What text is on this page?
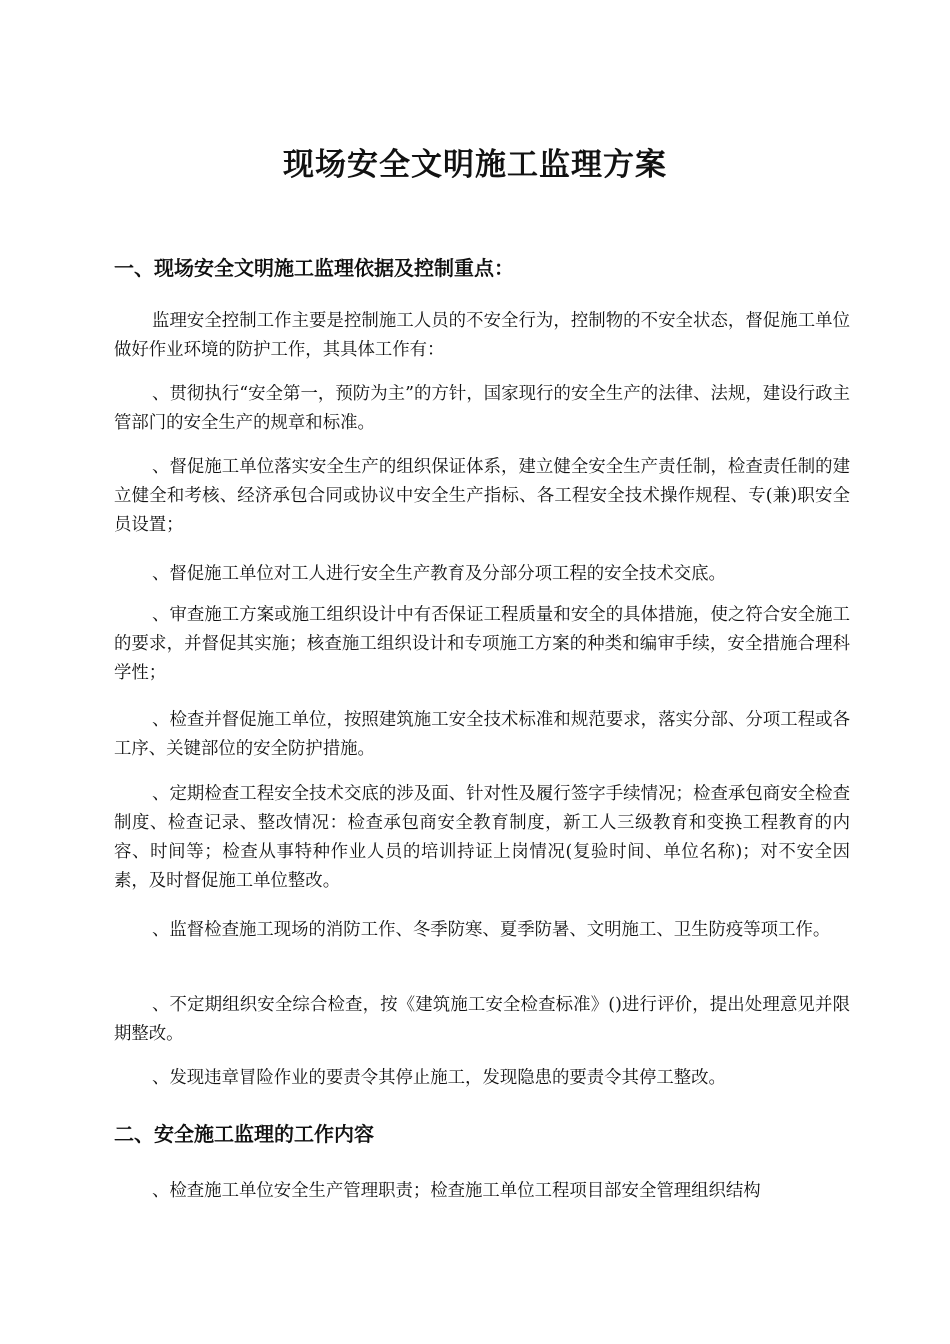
现场安全文明施工监理方案
一、现场安全文明施工监理依据及控制重点：

监理安全控制工作主要是控制施工人员的不安全行为，控制物的不安全状态，督促施工单位做好作业环境的防护工作，其具体工作有：

、贯彻执行“安全第一，预防为主”的方针，国家现行的安全生产的法律、法规，建设行政主管部门的安全生产的规章和标准。

、督促施工单位落实安全生产的组织保证体系，建立健全安全生产责任制，检查责任制的建立健全和考核、经济承包合同或协议中安全生产指标、各工程安全技术操作规程、专(兼)职安全员设置；

、督促施工单位对工人进行安全生产教育及分部分项工程的安全技术交底。

、审查施工方案或施工组织设计中有否保证工程质量和安全的具体措施，使之符合安全施工的要求，并督促其实施；核查施工组织设计和专项施工方案的种类和编审手续，安全措施合理科学性；

、检查并督促施工单位，按照建筑施工安全技术标准和规范要求，落实分部、分项工程或各工序、关键部位的安全防护措施。

、定期检查工程安全技术交底的涉及面、针对性及履行签字手续情况；检查承包商安全检查制度、检查记录、整改情况：检查承包商安全教育制度，新工人三级教育和变换工程教育的内容、时间等；检查从事特种作业人员的培训持证上岗情况(复验时间、单位名称)；对不安全因素，及时督促施工单位整改。

、监督检查施工现场的消防工作、冬季防寒、夏季防暑、文明施工、卫生防疫等项工作。

、不定期组织安全综合检查，按《建筑施工安全检查标准》()进行评价，提出处理意见并限期整改。

、发现违章冒险作业的要责令其停止施工，发现隐患的要责令其停工整改。

二、安全施工监理的工作内容

、检查施工单位安全生产管理职责；检查施工单位工程项目部安全管理组织结构
